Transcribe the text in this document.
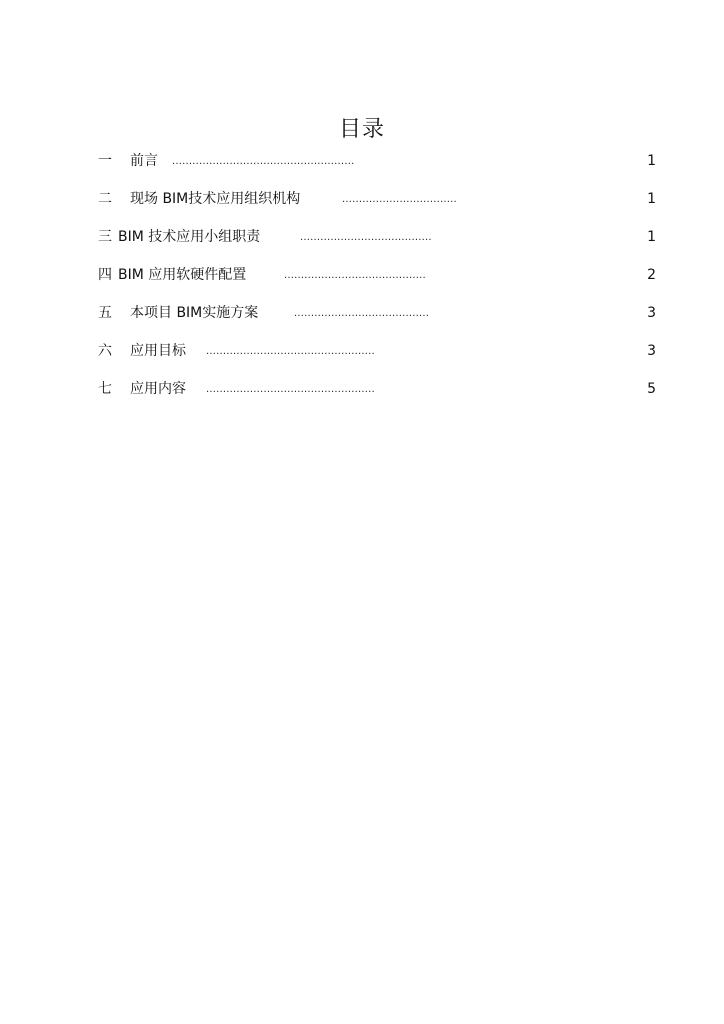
目录
一 前言 ......................................................	1
二 现场 BIM技术应用组织机构	..................................	1
三 BIM 技术应用小组职责	.......................................	1
四 BIM 应用软硬件配置	..........................................	2
五 本项目 BIM实施方案	........................................	3
六 应用目标 ..................................................	3
七 应用内容 ..................................................	5
